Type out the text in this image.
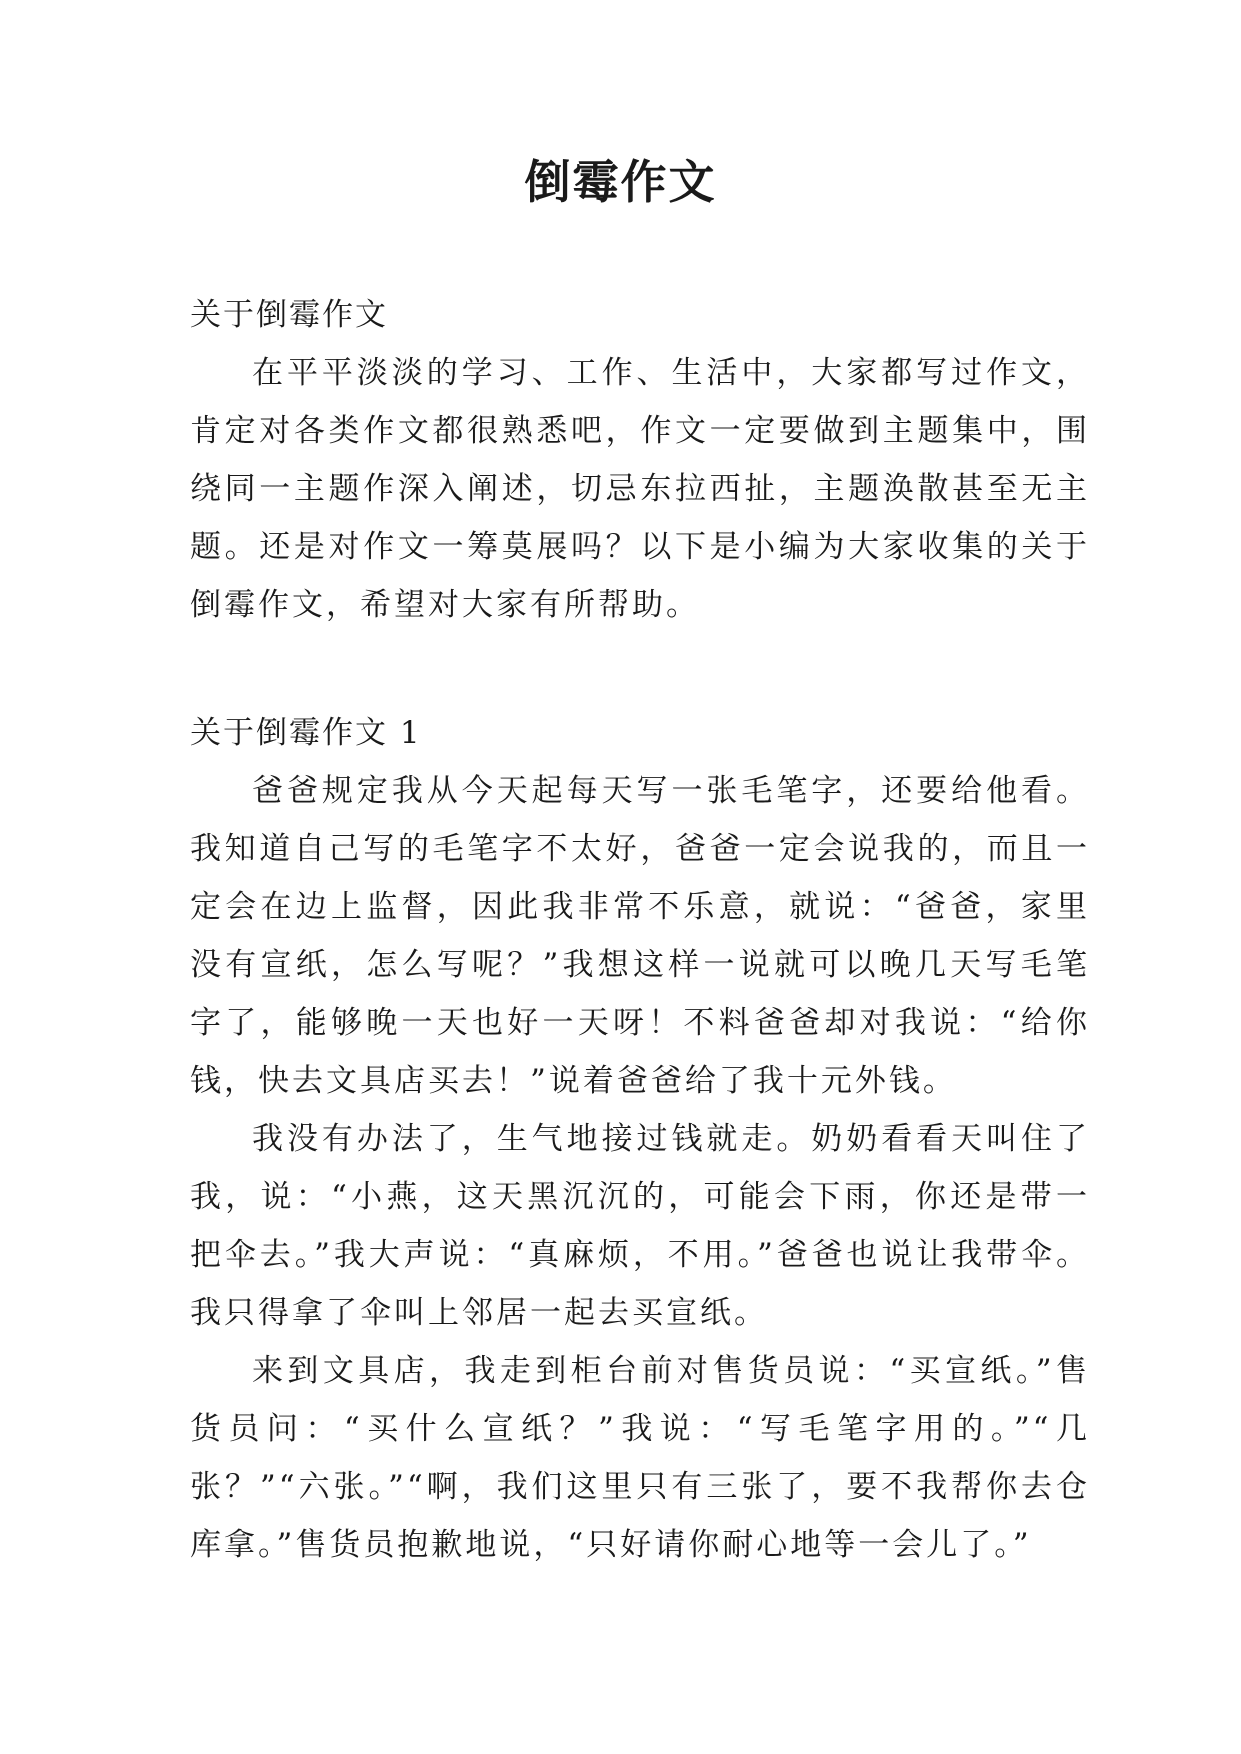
倒霉作文

关于倒霉作文

在平平淡淡的学习、工作、生活中，大家都写过作文，肯定对各类作文都很熟悉吧，作文一定要做到主题集中，围绕同一主题作深入阐述，切忌东拉西扯，主题涣散甚至无主题。还是对作文一筹莫展吗？以下是小编为大家收集的关于倒霉作文，希望对大家有所帮助。

关于倒霉作文 1

爸爸规定我从今天起每天写一张毛笔字，还要给他看。我知道自己写的毛笔字不太好，爸爸一定会说我的，而且一定会在边上监督，因此我非常不乐意，就说：“爸爸，家里没有宣纸，怎么写呢？”我想这样一说就可以晚几天写毛笔字了，能够晚一天也好一天呀！不料爸爸却对我说：“给你钱，快去文具店买去！”说着爸爸给了我十元外钱。

我没有办法了，生气地接过钱就走。奶奶看看天叫住了我，说：“小燕，这天黑沉沉的，可能会下雨，你还是带一把伞去。”我大声说：“真麻烦，不用。”爸爸也说让我带伞。我只得拿了伞叫上邻居一起去买宣纸。

来到文具店，我走到柜台前对售货员说：“买宣纸。”售货员问：“买什么宣纸？”我说：“写毛笔字用的。”“几张？”“六张。”“啊，我们这里只有三张了，要不我帮你去仓库拿。”售货员抱歉地说，“只好请你耐心地等一会儿了。”
